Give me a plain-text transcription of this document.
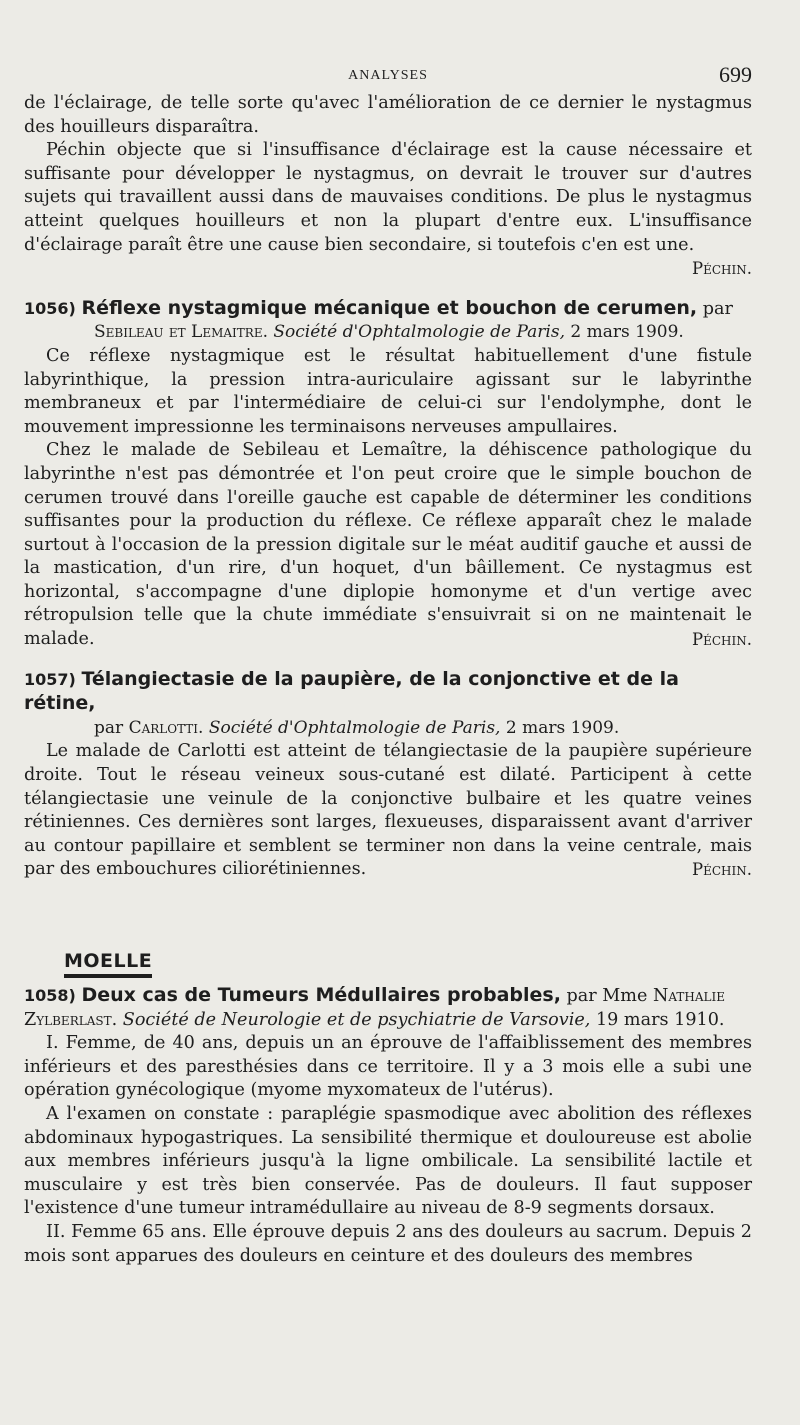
ANALYSES	699

de l'éclairage, de telle sorte qu'avec l'amélioration de ce dernier le nystagmus des houilleurs disparaîtra.

Péchin objecte que si l'insuffisance d'éclairage est la cause nécessaire et suffisante pour développer le nystagmus, on devrait le trouver sur d'autres sujets qui travaillent aussi dans de mauvaises conditions. De plus le nystagmus atteint quelques houilleurs et non la plupart d'entre eux. L'insuffisance d'éclairage paraît être une cause bien secondaire, si toutefois c'en est une.

Péchin.
1056) Réflexe nystagmique mécanique et bouchon de cerumen, par
Sebileau et Lemaitre. Société d'Ophtalmologie de Paris, 2 mars 1909.

Ce réflexe nystagmique est le résultat habituellement d'une fistule labyrinthique, la pression intra-auriculaire agissant sur le labyrinthe membraneux et par l'intermédiaire de celui-ci sur l'endolymphe, dont le mouvement impressionne les terminaisons nerveuses ampullaires.

Chez le malade de Sebileau et Lemaître, la déhiscence pathologique du labyrinthe n'est pas démontrée et l'on peut croire que le simple bouchon de cerumen trouvé dans l'oreille gauche est capable de déterminer les conditions suffisantes pour la production du réflexe. Ce réflexe apparaît chez le malade surtout à l'occasion de la pression digitale sur le méat auditif gauche et aussi de la mastication, d'un rire, d'un hoquet, d'un bâillement. Ce nystagmus est horizontal, s'accompagne d'une diplopie homonyme et d'un vertige avec rétropulsion telle que la chute immédiate s'ensuivrait si on ne maintenait le malade.	Péchin.

1057) Télangiectasie de la paupière, de la conjonctive et de la rétine,
par Carlotti. Société d'Ophtalmologie de Paris, 2 mars 1909.

Le malade de Carlotti est atteint de télangiectasie de la paupière supérieure droite. Tout le réseau veineux sous-cutané est dilaté. Participent à cette télangiectasie une veinule de la conjonctive bulbaire et les quatre veines rétiniennes. Ces dernières sont larges, flexueuses, disparaissent avant d'arriver au contour papillaire et semblent se terminer non dans la veine centrale, mais par des embouchures ciliorétiniennes.	Péchin.

MOELLE
1058) Deux cas de Tumeurs Médullaires probables, par Mme Nathalie Zylberlast. Société de Neurologie et de psychiatrie de Varsovie, 19 mars 1910.

I. Femme, de 40 ans, depuis un an éprouve de l'affaiblissement des membres inférieurs et des paresthésies dans ce territoire. Il y a 3 mois elle a subi une opération gynécologique (myome myxomateux de l'utérus).

A l'examen on constate : paraplégie spasmodique avec abolition des réflexes abdominaux hypogastriques. La sensibilité thermique et douloureuse est abolie aux membres inférieurs jusqu'à la ligne ombilicale. La sensibilité lactile et musculaire y est très bien conservée. Pas de douleurs. Il faut supposer l'existence d'une tumeur intramédullaire au niveau de 8-9 segments dorsaux.

II. Femme 65 ans. Elle éprouve depuis 2 ans des douleurs au sacrum. Depuis 2 mois sont apparues des douleurs en ceinture et des douleurs des membres
